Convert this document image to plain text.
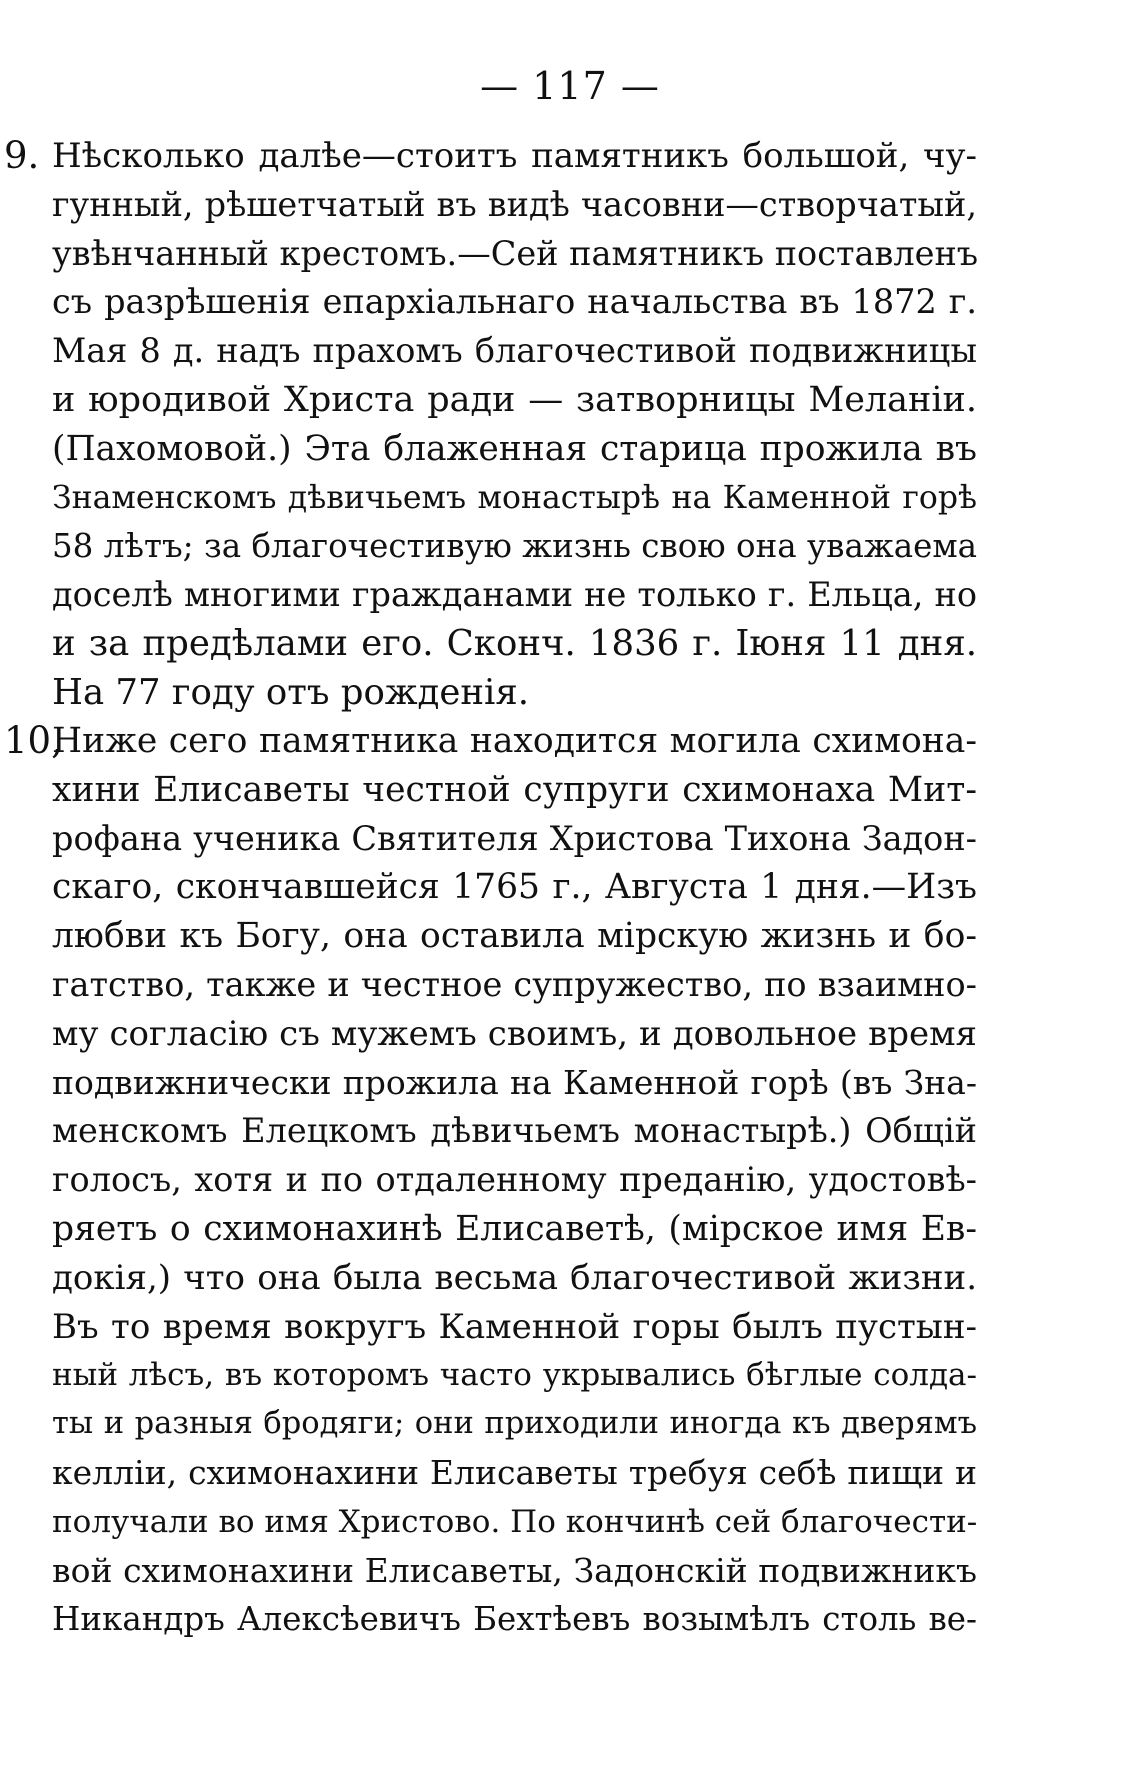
— 117 —
9. Нѣсколько далѣе—стоитъ памятникъ большой, чу-
гунный, рѣшетчатый въ видѣ часовни—створчатый,
увѣнчанный крестомъ.—Сей памятникъ поставленъ
съ разрѣшенія епархіальнаго начальства въ 1872 г.
Мая 8 д. надъ прахомъ благочестивой подвижницы
и юродивой Христа ради — затворницы Меланіи.
(Пахомовой.) Эта блаженная старица прожила въ
Знаменскомъ дѣвичьемъ монастырѣ на Каменной горѣ
58 лѣтъ; за благочестивую жизнь свою она уважаема
доселѣ многими гражданами не только г. Ельца, но
и за предѣлами его. Сконч. 1836 г. Іюня 11 дня.
На 77 году отъ рожденія.
10,
Ниже сего памятника находится могила схимона-
хини Елисаветы честной супруги схимонаха Мит-
рофана ученика Святителя Христова Тихона Задон-
скаго, скончавшейся 1765 г., Августа 1 дня.—Изъ
любви къ Богу, она оставила мірскую жизнь и бо-
гатство, также и честное супружество, по взаимно-
му согласію съ мужемъ своимъ, и довольное время
подвижнически прожила на Каменной горѣ (въ Зна-
менскомъ Елецкомъ дѣвичьемъ монастырѣ.) Общій
голосъ, хотя и по отдаленному преданію, удостовѣ-
ряетъ о схимонахинѣ Елисаветѣ, (мірское имя Ев-
докія,) что она была весьма благочестивой жизни.
Въ то время вокругъ Каменной горы былъ пустын-
ный лѣсъ, въ которомъ часто укрывались бѣглые солда-
ты и разныя бродяги; они приходили иногда къ дверямъ
келліи, схимонахини Елисаветы требуя себѣ пищи и
получали во имя Христово. По кончинѣ сей благочести-
вой схимонахини Елисаветы, Задонскій подвижникъ
Никандръ Алексѣевичъ Бехтѣевъ возымѣлъ столь ве-
